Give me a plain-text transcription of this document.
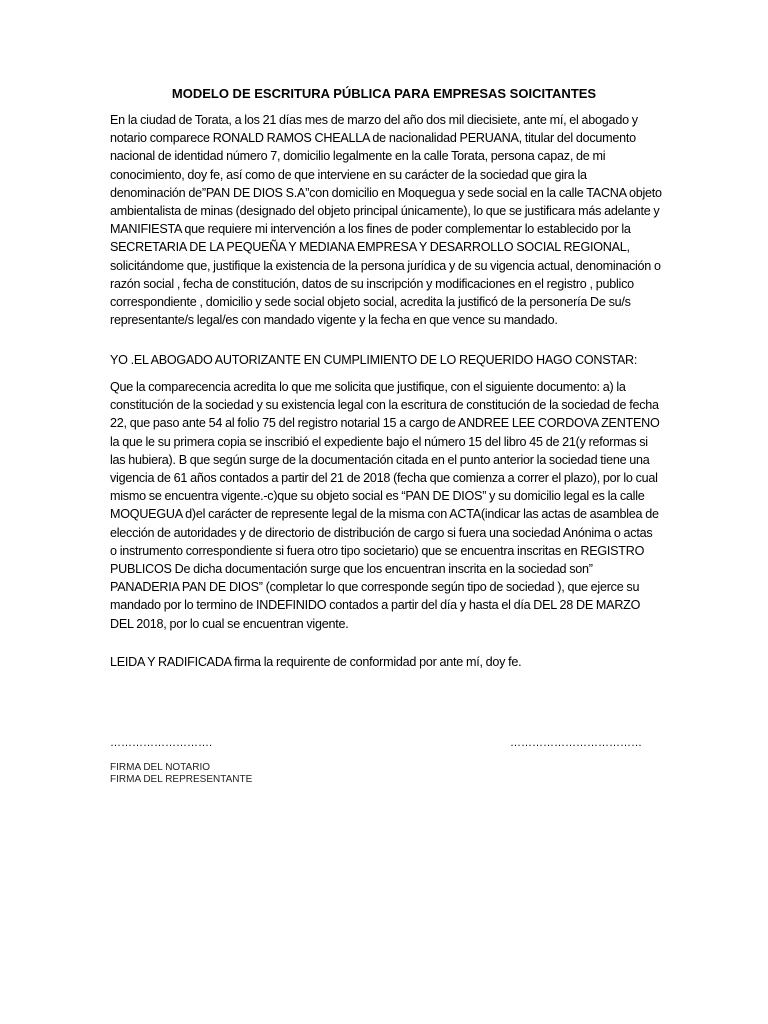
MODELO DE ESCRITURA PÚBLICA PARA EMPRESAS SOICITANTES

En la ciudad de Torata, a los 21 días mes de marzo del año dos mil diecisiete, ante mí, el abogado y notario comparece RONALD RAMOS CHEALLA de nacionalidad PERUANA, titular del documento nacional de identidad número 7, domicilio legalmente en la calle Torata, persona capaz, de mi conocimiento, doy fe, así como de que interviene en su carácter de la sociedad que gira la denominación de”PAN DE DIOS S.A”con domicilio en Moquegua y sede social en la calle TACNA objeto ambientalista de minas (designado del objeto principal únicamente), lo que se justificara más adelante y MANIFIESTA que requiere mi intervención a los fines de poder complementar lo establecido por la SECRETARIA DE LA PEQUEÑA Y MEDIANA EMPRESA Y DESARROLLO SOCIAL REGIONAL, solicitándome que, justifique la existencia de la persona jurídica y de su vigencia actual, denominación o razón social , fecha de constitución, datos de su inscripción y modificaciones en el registro , publico correspondiente , domicilio y sede social objeto social, acredita la justificó de la personería De su/s representante/s legal/es con mandado vigente y la fecha en que vence su mandado.

YO .EL ABOGADO AUTORIZANTE EN CUMPLIMIENTO DE LO REQUERIDO HAGO CONSTAR:

Que la comparecencia acredita lo que me solicita que justifique, con el siguiente documento: a) la constitución de la sociedad y su existencia legal con la escritura de constitución de la sociedad de fecha 22, que paso ante 54 al folio 75 del registro notarial 15 a cargo de ANDREE LEE CORDOVA ZENTENO la que le su primera copia se inscribió el expediente bajo el número 15 del libro 45 de 21(y reformas si las hubiera). B que según surge de la documentación citada en el punto anterior la sociedad tiene una vigencia de 61 años contados a partir del 21 de 2018 (fecha que comienza a correr el plazo), por lo cual mismo se encuentra vigente.-c)que su objeto social es “PAN DE DIOS” y su domicilio legal es la calle MOQUEGUA d)el carácter de represente legal de la misma con ACTA(indicar las actas de asamblea de elección de autoridades y de directorio de distribución de cargo si fuera una sociedad Anónima o actas o instrumento correspondiente si fuera otro tipo societario) que se encuentra inscritas en REGISTRO PUBLICOS De dicha documentación surge que los encuentran inscrita en la sociedad son” PANADERIA PAN DE DIOS” (completar lo que corresponde según tipo de sociedad ), que ejerce su mandado por lo termino de INDEFINIDO contados a partir del día y hasta el día DEL 28 DE MARZO DEL 2018, por lo cual se encuentran vigente.

LEIDA Y RADIFICADA firma la requirente de conformidad por ante mí, doy fe.

……………………….	………………………………
FIRMA DEL NOTARIO
FIRMA DEL REPRESENTANTE
